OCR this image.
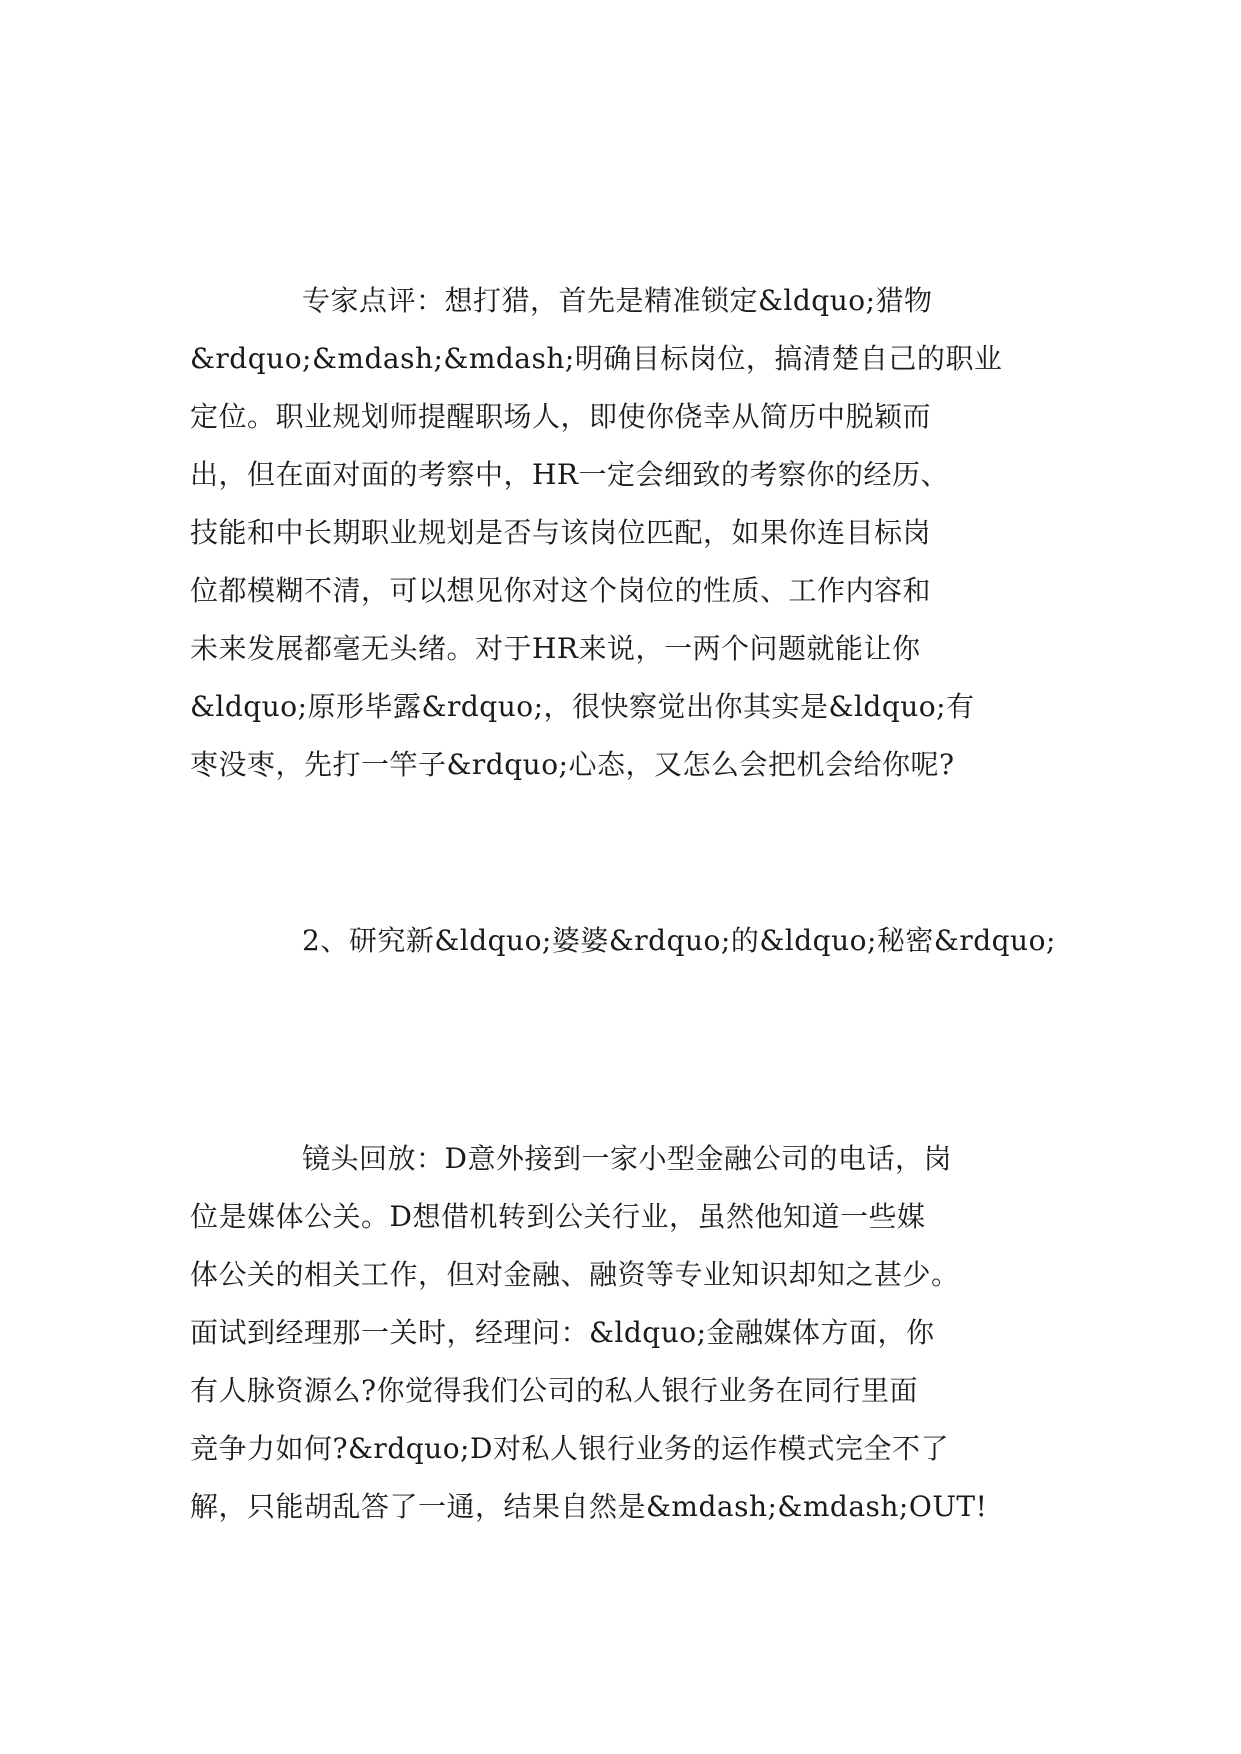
专家点评：想打猎，首先是精准锁定&ldquo;猎物
&rdquo;&mdash;&mdash;明确目标岗位，搞清楚自己的职业
定位。职业规划师提醒职场人，即使你侥幸从简历中脱颖而
出，但在面对面的考察中，HR一定会细致的考察你的经历、
技能和中长期职业规划是否与该岗位匹配，如果你连目标岗
位都模糊不清，可以想见你对这个岗位的性质、工作内容和
未来发展都毫无头绪。对于HR来说，一两个问题就能让你
&ldquo;原形毕露&rdquo;，很快察觉出你其实是&ldquo;有
枣没枣，先打一竿子&rdquo;心态，又怎么会把机会给你呢?
2、研究新&ldquo;婆婆&rdquo;的&ldquo;秘密&rdquo;
镜头回放：D意外接到一家小型金融公司的电话，岗
位是媒体公关。D想借机转到公关行业，虽然他知道一些媒
体公关的相关工作，但对金融、融资等专业知识却知之甚少。
面试到经理那一关时，经理问：&ldquo;金融媒体方面，你
有人脉资源么?你觉得我们公司的私人银行业务在同行里面
竞争力如何?&rdquo;D对私人银行业务的运作模式完全不了
解，只能胡乱答了一通，结果自然是&mdash;&mdash;OUT!
